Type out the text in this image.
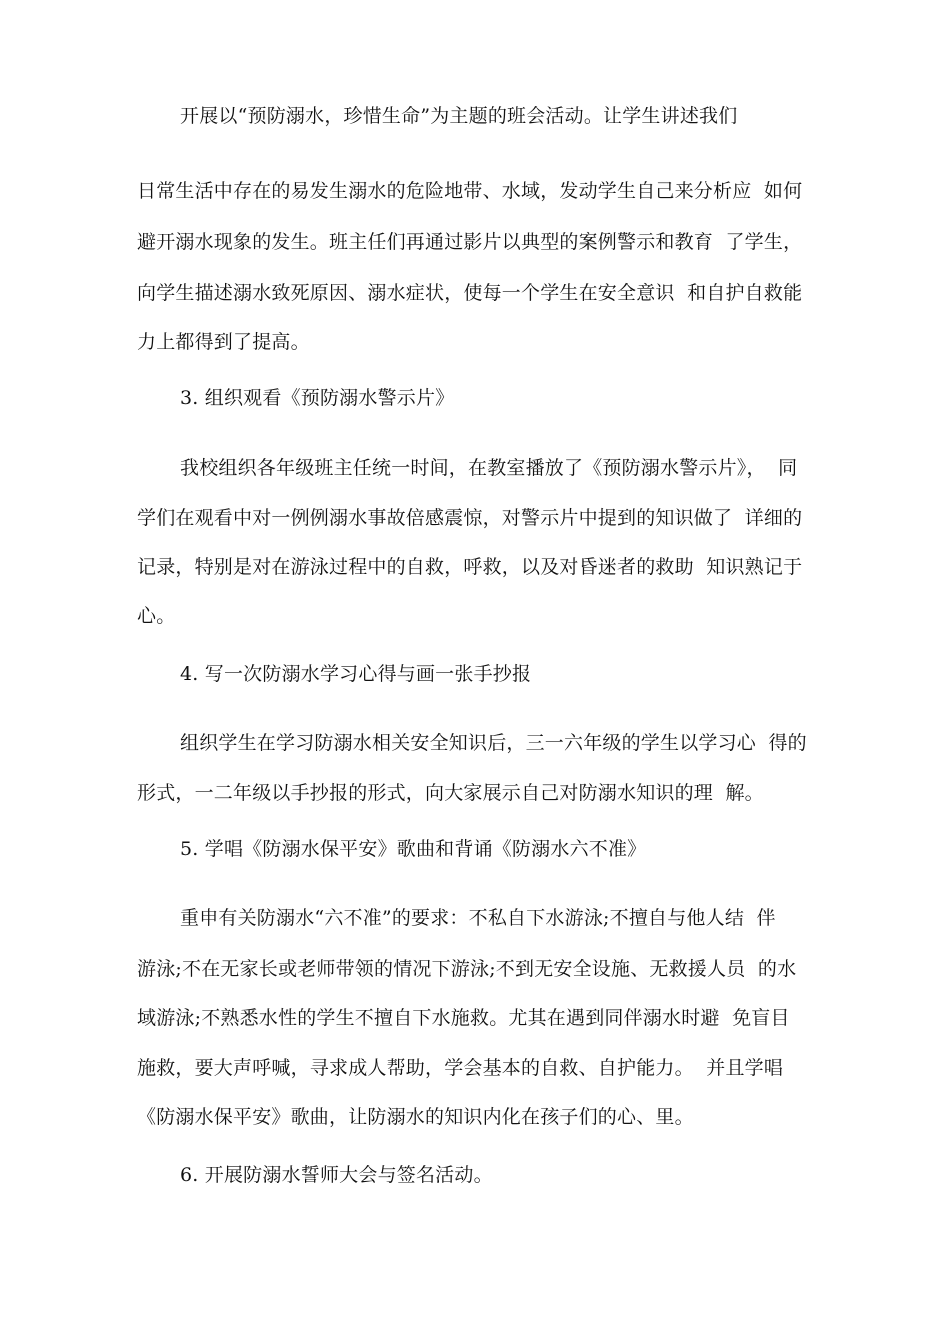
开展以“预防溺水，珍惜生命”为主题的班会活动。让学生讲述我们
日常生活中存在的易发生溺水的危险地带、水域，发动学生自己来分析应  如何
避开溺水现象的发生。班主任们再通过影片以典型的案例警示和教育  了学生，
向学生描述溺水致死原因、溺水症状，使每一个学生在安全意识  和自护自救能
力上都得到了提高。
3. 组织观看《预防溺水警示片》
我校组织各年级班主任统一时间，在教室播放了《预防溺水警示片》，  同
学们在观看中对一例例溺水事故倍感震惊，对警示片中提到的知识做了  详细的
记录，特别是对在游泳过程中的自救，呼救，以及对昏迷者的救助  知识熟记于
心。
4. 写一次防溺水学习心得与画一张手抄报
组织学生在学习防溺水相关安全知识后，三一六年级的学生以学习心  得的
形式，一二年级以手抄报的形式，向大家展示自己对防溺水知识的理  解。
5. 学唱《防溺水保平安》歌曲和背诵《防溺水六不准》
重申有关防溺水“六不准”的要求：不私自下水游泳;不擅自与他人结  伴
游泳;不在无家长或老师带领的情况下游泳;不到无安全设施、无救援人员  的水
域游泳;不熟悉水性的学生不擅自下水施救。尤其在遇到同伴溺水时避  免盲目
施救，要大声呼喊，寻求成人帮助，学会基本的自救、自护能力。  并且学唱
《防溺水保平安》歌曲，让防溺水的知识内化在孩子们的心、里。
6. 开展防溺水誓师大会与签名活动。
